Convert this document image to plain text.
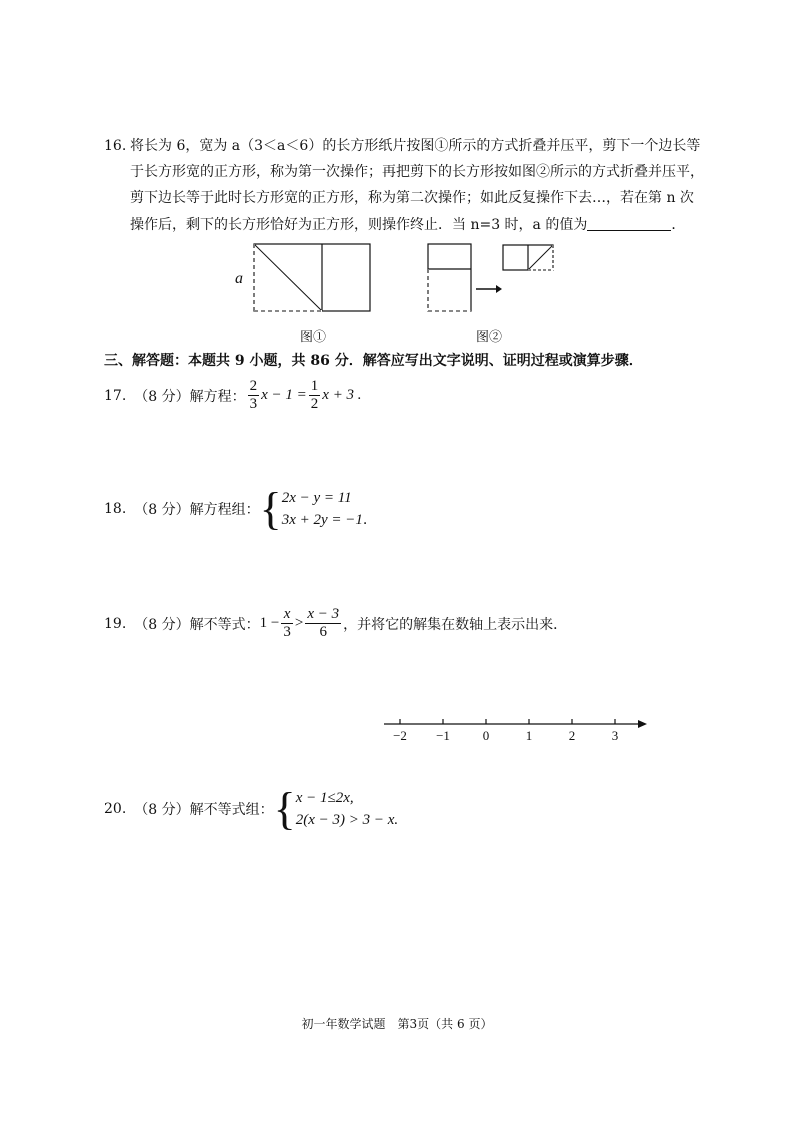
16. 将长为 6，宽为 a（3＜a＜6）的长方形纸片按图①所示的方式折叠并压平，剪下一个边长等
于长方形宽的正方形，称为第一次操作；再把剪下的长方形按如图②所示的方式折叠并压平，
剪下边长等于此时长方形宽的正方形，称为第二次操作；如此反复操作下去…，若在第 n 次
操作后，剩下的长方形恰好为正方形，则操作终止．当 n=3 时，a 的值为	．
a
图①	图②
三、解答题：本题共 9 小题，共 86 分．解答应写出文字说明、证明过程或演算步骤．
17. （8 分）解方程： $\frac{2}{3}$ $x - 1 = \frac{1}{2}$ x + 3 .
18. （8 分）解方程组： { 2x − y = 11
3x + 2y = −1 .
19. （8 分）解不等式： $1 - \frac{x}{3} > \frac{x - 3}{6}$ ，并将它的解集在数轴上表示出来．
−2	−1	0	1	2	3
20. （8 分）解不等式组： { x − 1≤2x,
2(x − 3) > 3 − x.
初一年数学试题　第3页（共 6 页）
